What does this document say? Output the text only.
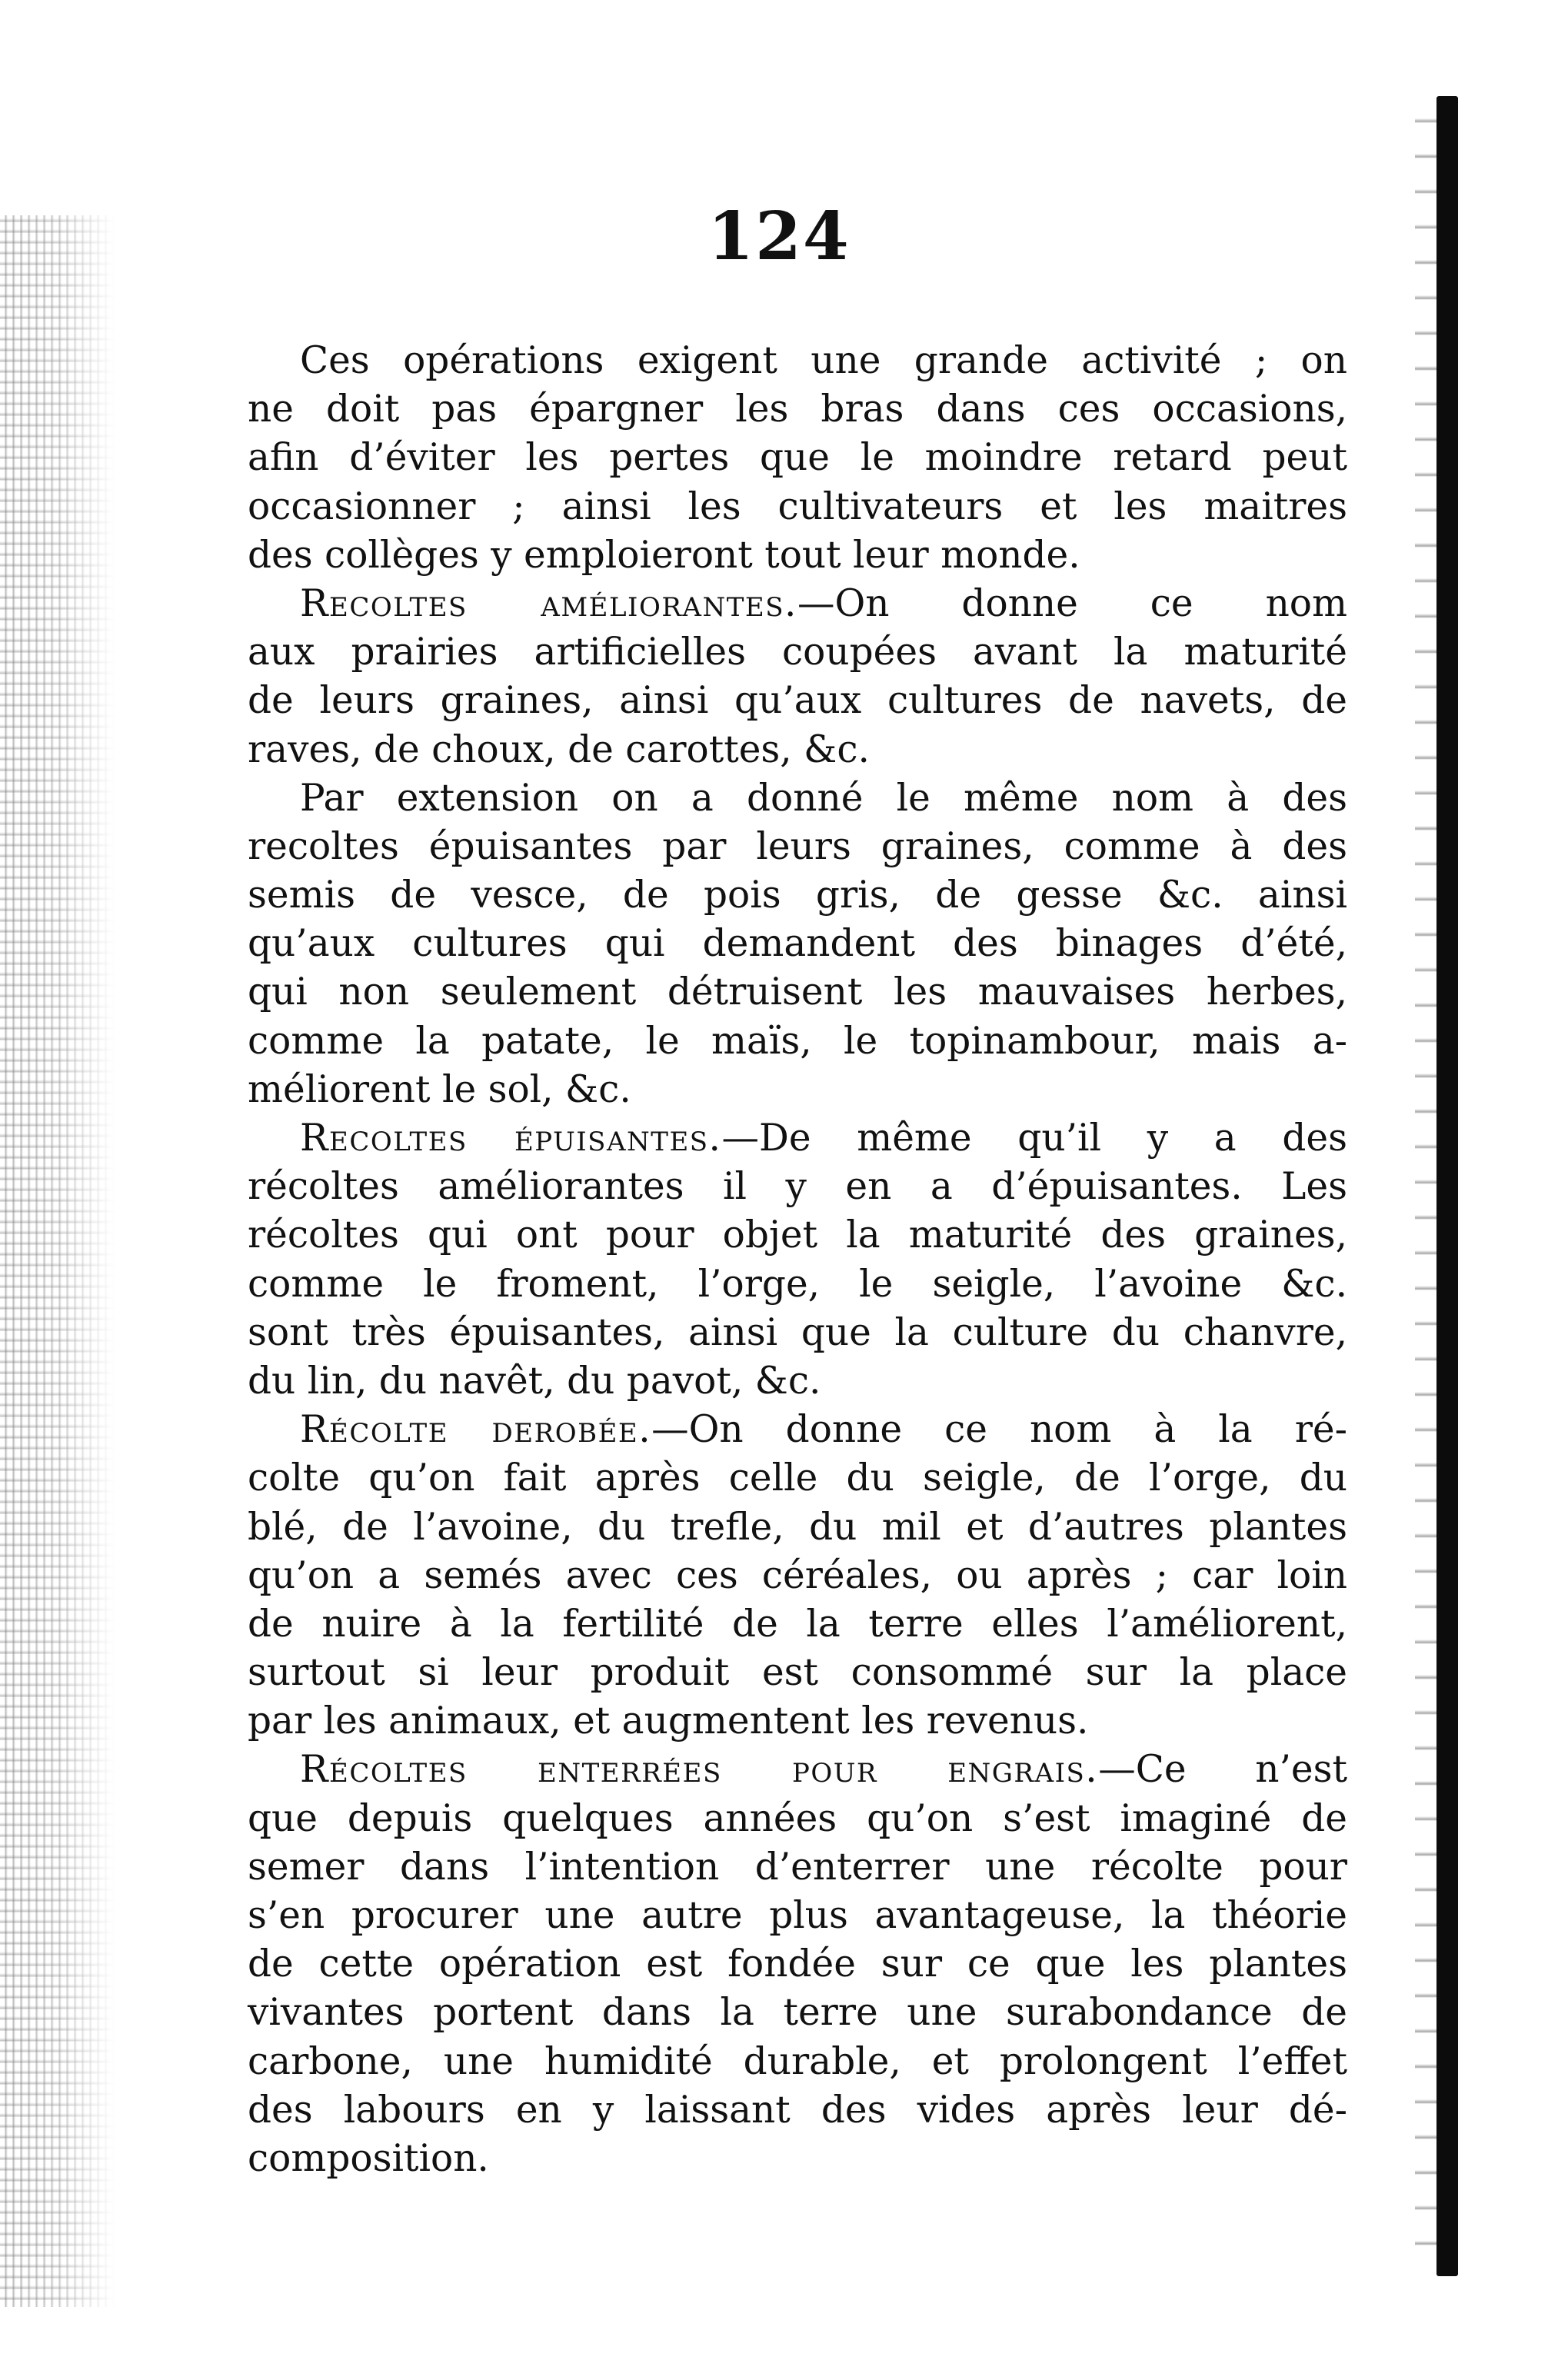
124
Ces opérations exigent une grande activité ; on
ne doit pas épargner les bras dans ces occasions,
afin d’éviter les pertes que le moindre retard peut
occasionner ; ainsi les cultivateurs et les maitres
des collèges y emploieront tout leur monde.
Recoltes améliorantes.—On donne ce nom
aux prairies artificielles coupées avant la maturité
de leurs graines, ainsi qu’aux cultures de navets, de
raves, de choux, de carottes, &c.
Par extension on a donné le même nom à des
recoltes épuisantes par leurs graines, comme à des
semis de vesce, de pois gris, de gesse &c. ainsi
qu’aux cultures qui demandent des binages d’été,
qui non seulement détruisent les mauvaises herbes,
comme la patate, le maïs, le topinambour, mais a-
méliorent le sol, &c.
Recoltes épuisantes.—De même qu’il y a des
récoltes améliorantes il y en a d’épuisantes. Les
récoltes qui ont pour objet la maturité des graines,
comme le froment, l’orge, le seigle, l’avoine &c.
sont très épuisantes, ainsi que la culture du chanvre,
du lin, du navêt, du pavot, &c.
Récolte derobée.—On donne ce nom à la ré-
colte qu’on fait après celle du seigle, de l’orge, du
blé, de l’avoine, du trefle, du mil et d’autres plantes
qu’on a semés avec ces céréales, ou après ; car loin
de nuire à la fertilité de la terre elles l’améliorent,
surtout si leur produit est consommé sur la place
par les animaux, et augmentent les revenus.
Récoltes enterrées pour engrais.—Ce n’est
que depuis quelques années qu’on s’est imaginé de
semer dans l’intention d’enterrer une récolte pour
s’en procurer une autre plus avantageuse, la théorie
de cette opération est fondée sur ce que les plantes
vivantes portent dans la terre une surabondance de
carbone, une humidité durable, et prolongent l’effet
des labours en y laissant des vides après leur dé-
composition.
